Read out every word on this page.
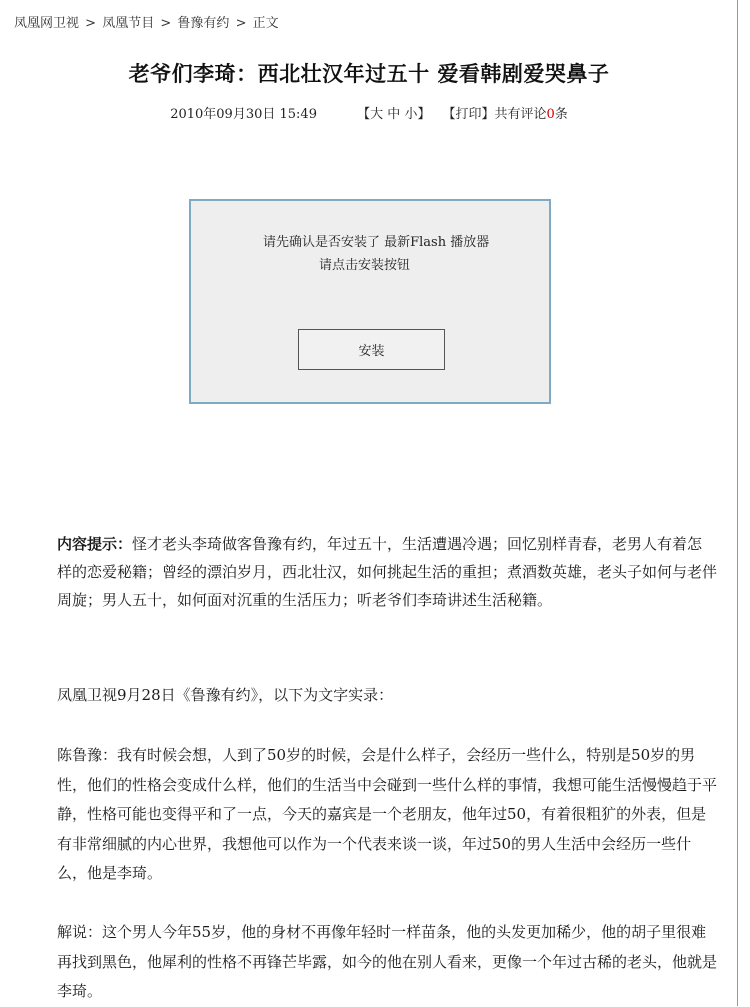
凤凰网卫视 > 凤凰节目 > 鲁豫有约 > 正文
老爷们李琦：西北壮汉年过五十 爱看韩剧爱哭鼻子
2010年09月30日 15:49	【大 中 小】 【打印】共有评论0条
请先确认是否安装了 最新Flash 播放器
请点击安装按钮
安装

内容提示：怪才老头李琦做客鲁豫有约，年过五十，生活遭遇冷遇；回忆别样青春，老男人有着怎样的恋爱秘籍；曾经的漂泊岁月，西北壮汉，如何挑起生活的重担；煮酒数英雄，老头子如何与老伴周旋；男人五十，如何面对沉重的生活压力；听老爷们李琦讲述生活秘籍。

凤凰卫视9月28日《鲁豫有约》，以下为文字实录：

陈鲁豫：我有时候会想，人到了50岁的时候，会是什么样子，会经历一些什么，特别是50岁的男性，他们的性格会变成什么样，他们的生活当中会碰到一些什么样的事情，我想可能生活慢慢趋于平静，性格可能也变得平和了一点，今天的嘉宾是一个老朋友，他年过50，有着很粗犷的外表，但是有非常细腻的内心世界，我想他可以作为一个代表来谈一谈，年过50的男人生活中会经历一些什么，他是李琦。

解说：这个男人今年55岁，他的身材不再像年轻时一样苗条，他的头发更加稀少，他的胡子里很难再找到黑色，他犀利的性格不再锋芒毕露，如今的他在别人看来，更像一个年过古稀的老头，他就是李琦。
